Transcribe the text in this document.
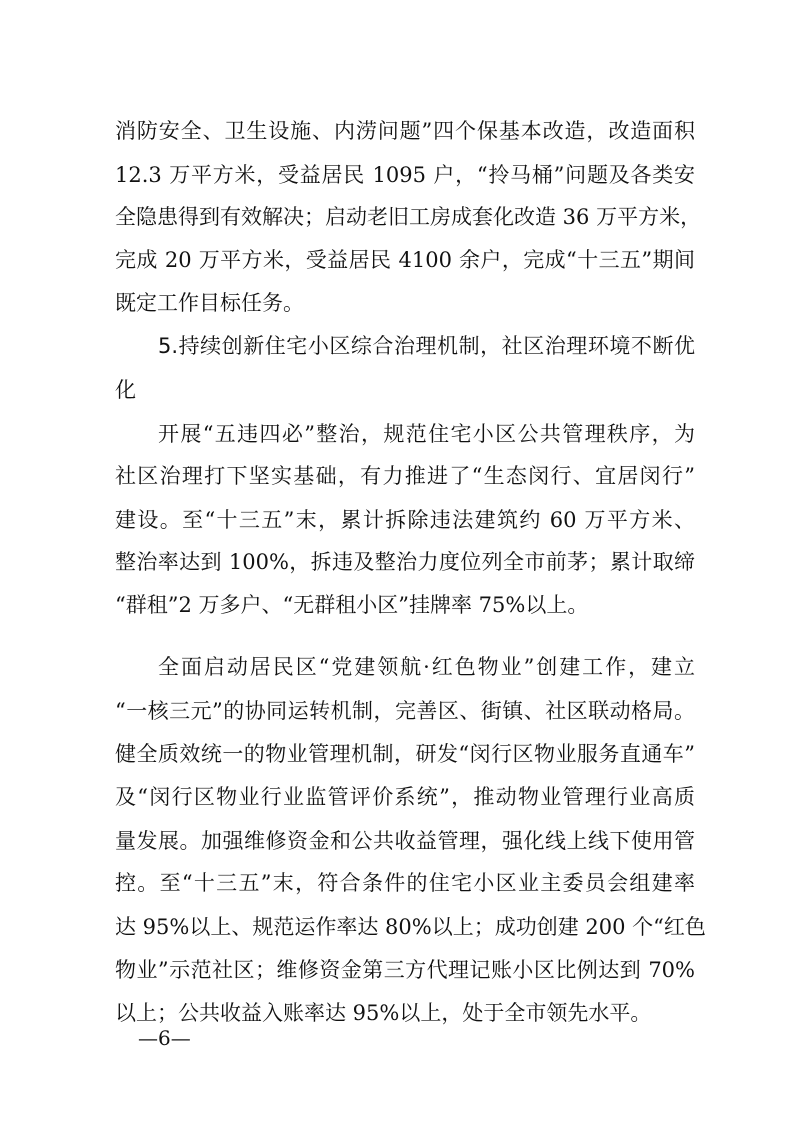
消防安全、卫生设施、内涝问题”四个保基本改造，改造面积
12.3 万平方米，受益居民 1095 户，“拎马桶”问题及各类安
全隐患得到有效解决；启动老旧工房成套化改造 36 万平方米，
完成 20 万平方米，受益居民 4100 余户，完成“十三五”期间
既定工作目标任务。
5.持续创新住宅小区综合治理机制，社区治理环境不断优
化
开展“五违四必”整治，规范住宅小区公共管理秩序，为
社区治理打下坚实基础，有力推进了“生态闵行、宜居闵行”
建设。至“十三五”末，累计拆除违法建筑约 60 万平方米、
整治率达到 100%，拆违及整治力度位列全市前茅；累计取缔
“群租”2 万多户、“无群租小区”挂牌率 75%以上。
全面启动居民区“党建领航·红色物业”创建工作，建立
“一核三元”的协同运转机制，完善区、街镇、社区联动格局。
健全质效统一的物业管理机制，研发“闵行区物业服务直通车”
及“闵行区物业行业监管评价系统”，推动物业管理行业高质
量发展。加强维修资金和公共收益管理，强化线上线下使用管
控。至“十三五”末，符合条件的住宅小区业主委员会组建率
达 95%以上、规范运作率达 80%以上；成功创建 200 个“红色
物业”示范社区；维修资金第三方代理记账小区比例达到 70%
以上；公共收益入账率达 95%以上，处于全市领先水平。
—6—
